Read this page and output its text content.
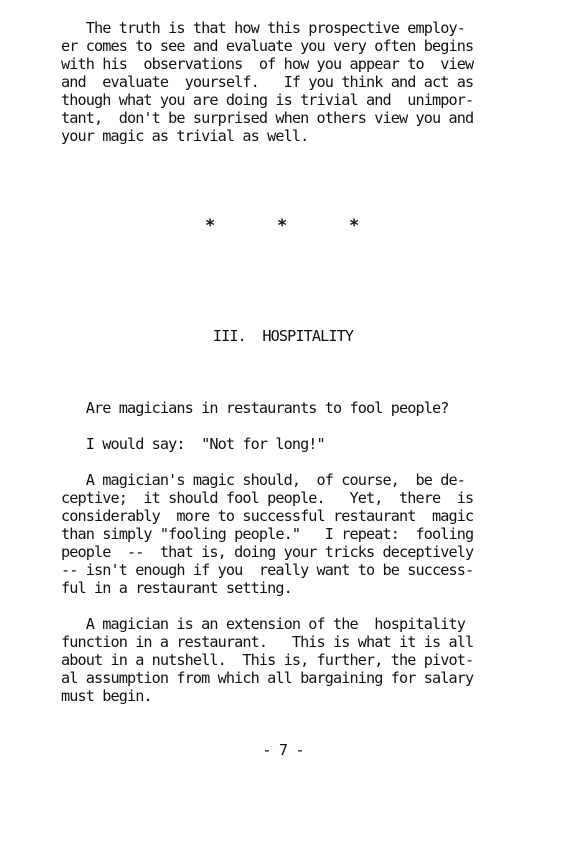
The truth is that how this prospective employ-
er comes to see and evaluate you very often begins
with his  observations  of how you appear to  view
and  evaluate  yourself.   If you think and act as
though what you are doing is trivial and  unimpor-
tant,  don't be surprised when others view you and
your magic as trivial as well.
*	*	*
III.  HOSPITALITY
Are magicians in restaurants to fool people?
I would say:  "Not for long!"
A magician's magic should,  of course,  be de-
ceptive;  it should fool people.   Yet,  there  is
considerably  more to successful restaurant  magic
than simply "fooling people."   I repeat:  fooling
people  --  that is, doing your tricks deceptively
-- isn't enough if you  really want to be success-
ful in a restaurant setting.
A magician is an extension of the  hospitality
function in a restaurant.   This is what it is all
about in a nutshell.  This is, further, the pivot-
al assumption from which all bargaining for salary
must begin.
- 7 -
